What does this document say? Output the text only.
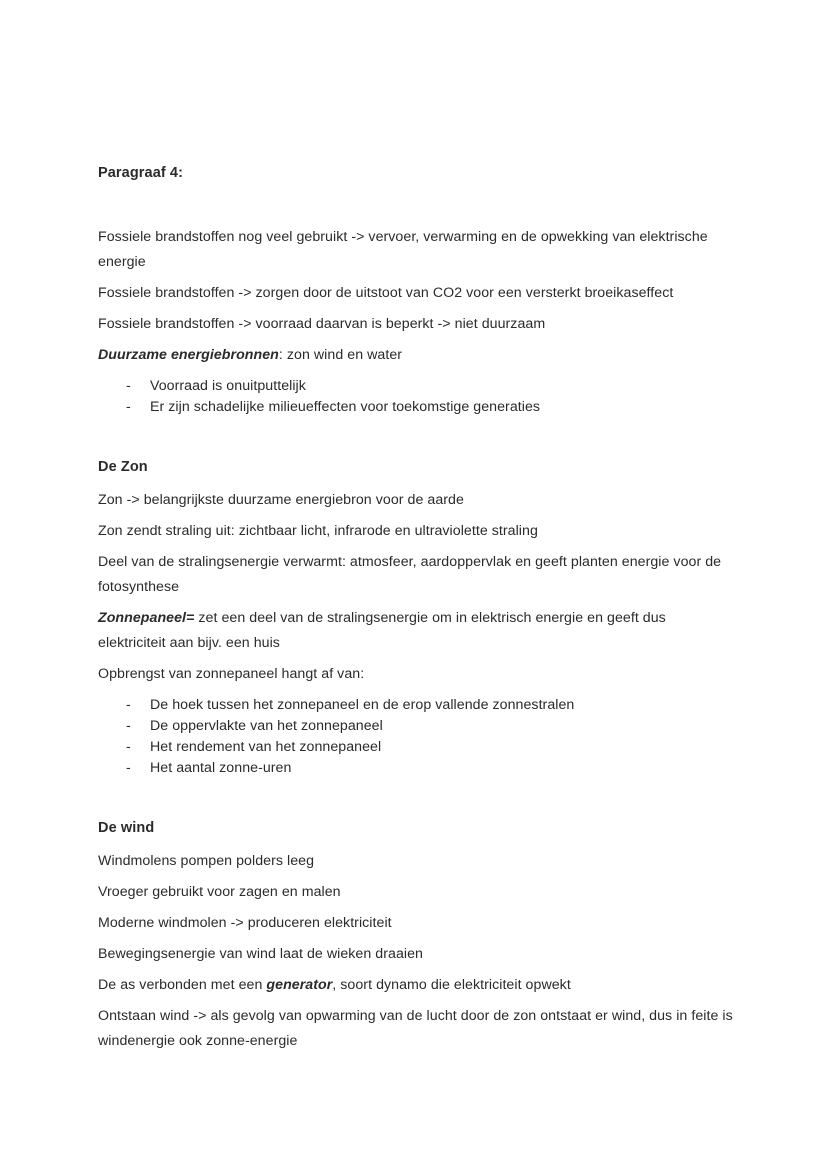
Paragraaf 4:

Fossiele brandstoffen nog veel gebruikt -> vervoer, verwarming en de opwekking van elektrische energie

Fossiele brandstoffen -> zorgen door de uitstoot van CO2 voor een versterkt broeikaseffect

Fossiele brandstoffen -> voorraad daarvan is beperkt -> niet duurzaam

Duurzame energiebronnen: zon wind en water

- Voorraad is onuitputtelijk
- Er zijn schadelijke milieueffecten voor toekomstige generaties
De Zon

Zon -> belangrijkste duurzame energiebron voor de aarde

Zon zendt straling uit: zichtbaar licht, infrarode en ultraviolette straling

Deel van de stralingsenergie verwarmt: atmosfeer, aardoppervlak en geeft planten energie voor de fotosynthese

Zonnepaneel= zet een deel van de stralingsenergie om in elektrisch energie en geeft dus elektriciteit aan bijv. een huis

Opbrengst van zonnepaneel hangt af van:

- De hoek tussen het zonnepaneel en de erop vallende zonnestralen
- De oppervlakte van het zonnepaneel
- Het rendement van het zonnepaneel
- Het aantal zonne-uren
De wind

Windmolens pompen polders leeg

Vroeger gebruikt voor zagen en malen

Moderne windmolen -> produceren elektriciteit

Bewegingsenergie van wind laat de wieken draaien

De as verbonden met een generator, soort dynamo die elektriciteit opwekt

Ontstaan wind -> als gevolg van opwarming van de lucht door de zon ontstaat er wind, dus in feite is windenergie ook zonne-energie
